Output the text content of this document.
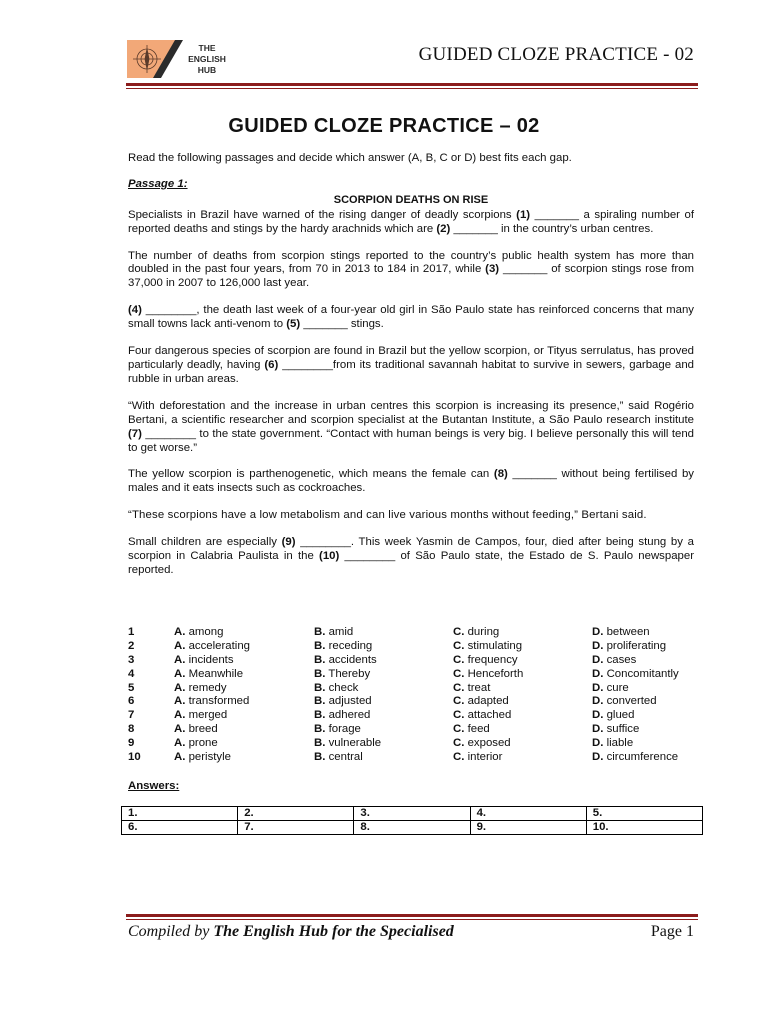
THE
ENGLISH
HUB
GUIDED CLOZE PRACTICE - 02
GUIDED CLOZE PRACTICE – 02

Read the following passages and decide which answer (A, B, C or D) best fits each gap.

Passage 1:

SCORPION DEATHS ON RISE

Specialists in Brazil have warned of the rising danger of deadly scorpions (1) _______ a spiraling number of reported deaths and stings by the hardy arachnids which are (2) _______ in the country’s urban centres.

The number of deaths from scorpion stings reported to the country’s public health system has more than doubled in the past four years, from 70 in 2013 to 184 in 2017, while (3) _______ of scorpion stings rose from 37,000 in 2007 to 126,000 last year.

(4) ________, the death last week of a four-year old girl in São Paulo state has reinforced concerns that many small towns lack anti-venom to (5) _______ stings.

Four dangerous species of scorpion are found in Brazil but the yellow scorpion, or Tityus serrulatus, has proved particularly deadly, having (6) ________from its traditional savannah habitat to survive in sewers, garbage and rubble in urban areas.

“With deforestation and the increase in urban centres this scorpion is increasing its presence,” said Rogério Bertani, a scientific researcher and scorpion specialist at the Butantan Institute, a São Paulo research institute (7) ________ to the state government. “Contact with human beings is very big. I believe personally this will tend to get worse.”

The yellow scorpion is parthenogenetic, which means the female can (8) _______ without being fertilised by males and it eats insects such as cockroaches.

“These scorpions have a low metabolism and can live various months without feeding,” Bertani said.

Small children are especially (9) ________. This week Yasmin de Campos, four, died after being stung by a scorpion in Calabria Paulista in the (10) ________ of São Paulo state, the Estado de S. Paulo newspaper reported.

1	A. among	B. amid	C. during	D. between
2	A. accelerating	B. receding	C. stimulating	D. proliferating
3	A. incidents	B. accidents	C. frequency	D. cases
4	A. Meanwhile	B. Thereby	C. Henceforth	D. Concomitantly
5	A. remedy	B. check	C. treat	D. cure
6	A. transformed	B. adjusted	C. adapted	D. converted
7	A. merged	B. adhered	C. attached	D. glued
8	A. breed	B. forage	C. feed	D. suffice
9	A. prone	B. vulnerable	C. exposed	D. liable
10	A. peristyle	B. central	C. interior	D. circumference
Answers:
1.	2.	3.	4.	5.
6.	7.	8.	9.	10.
Compiled by The English Hub for the Specialised	Page 1
